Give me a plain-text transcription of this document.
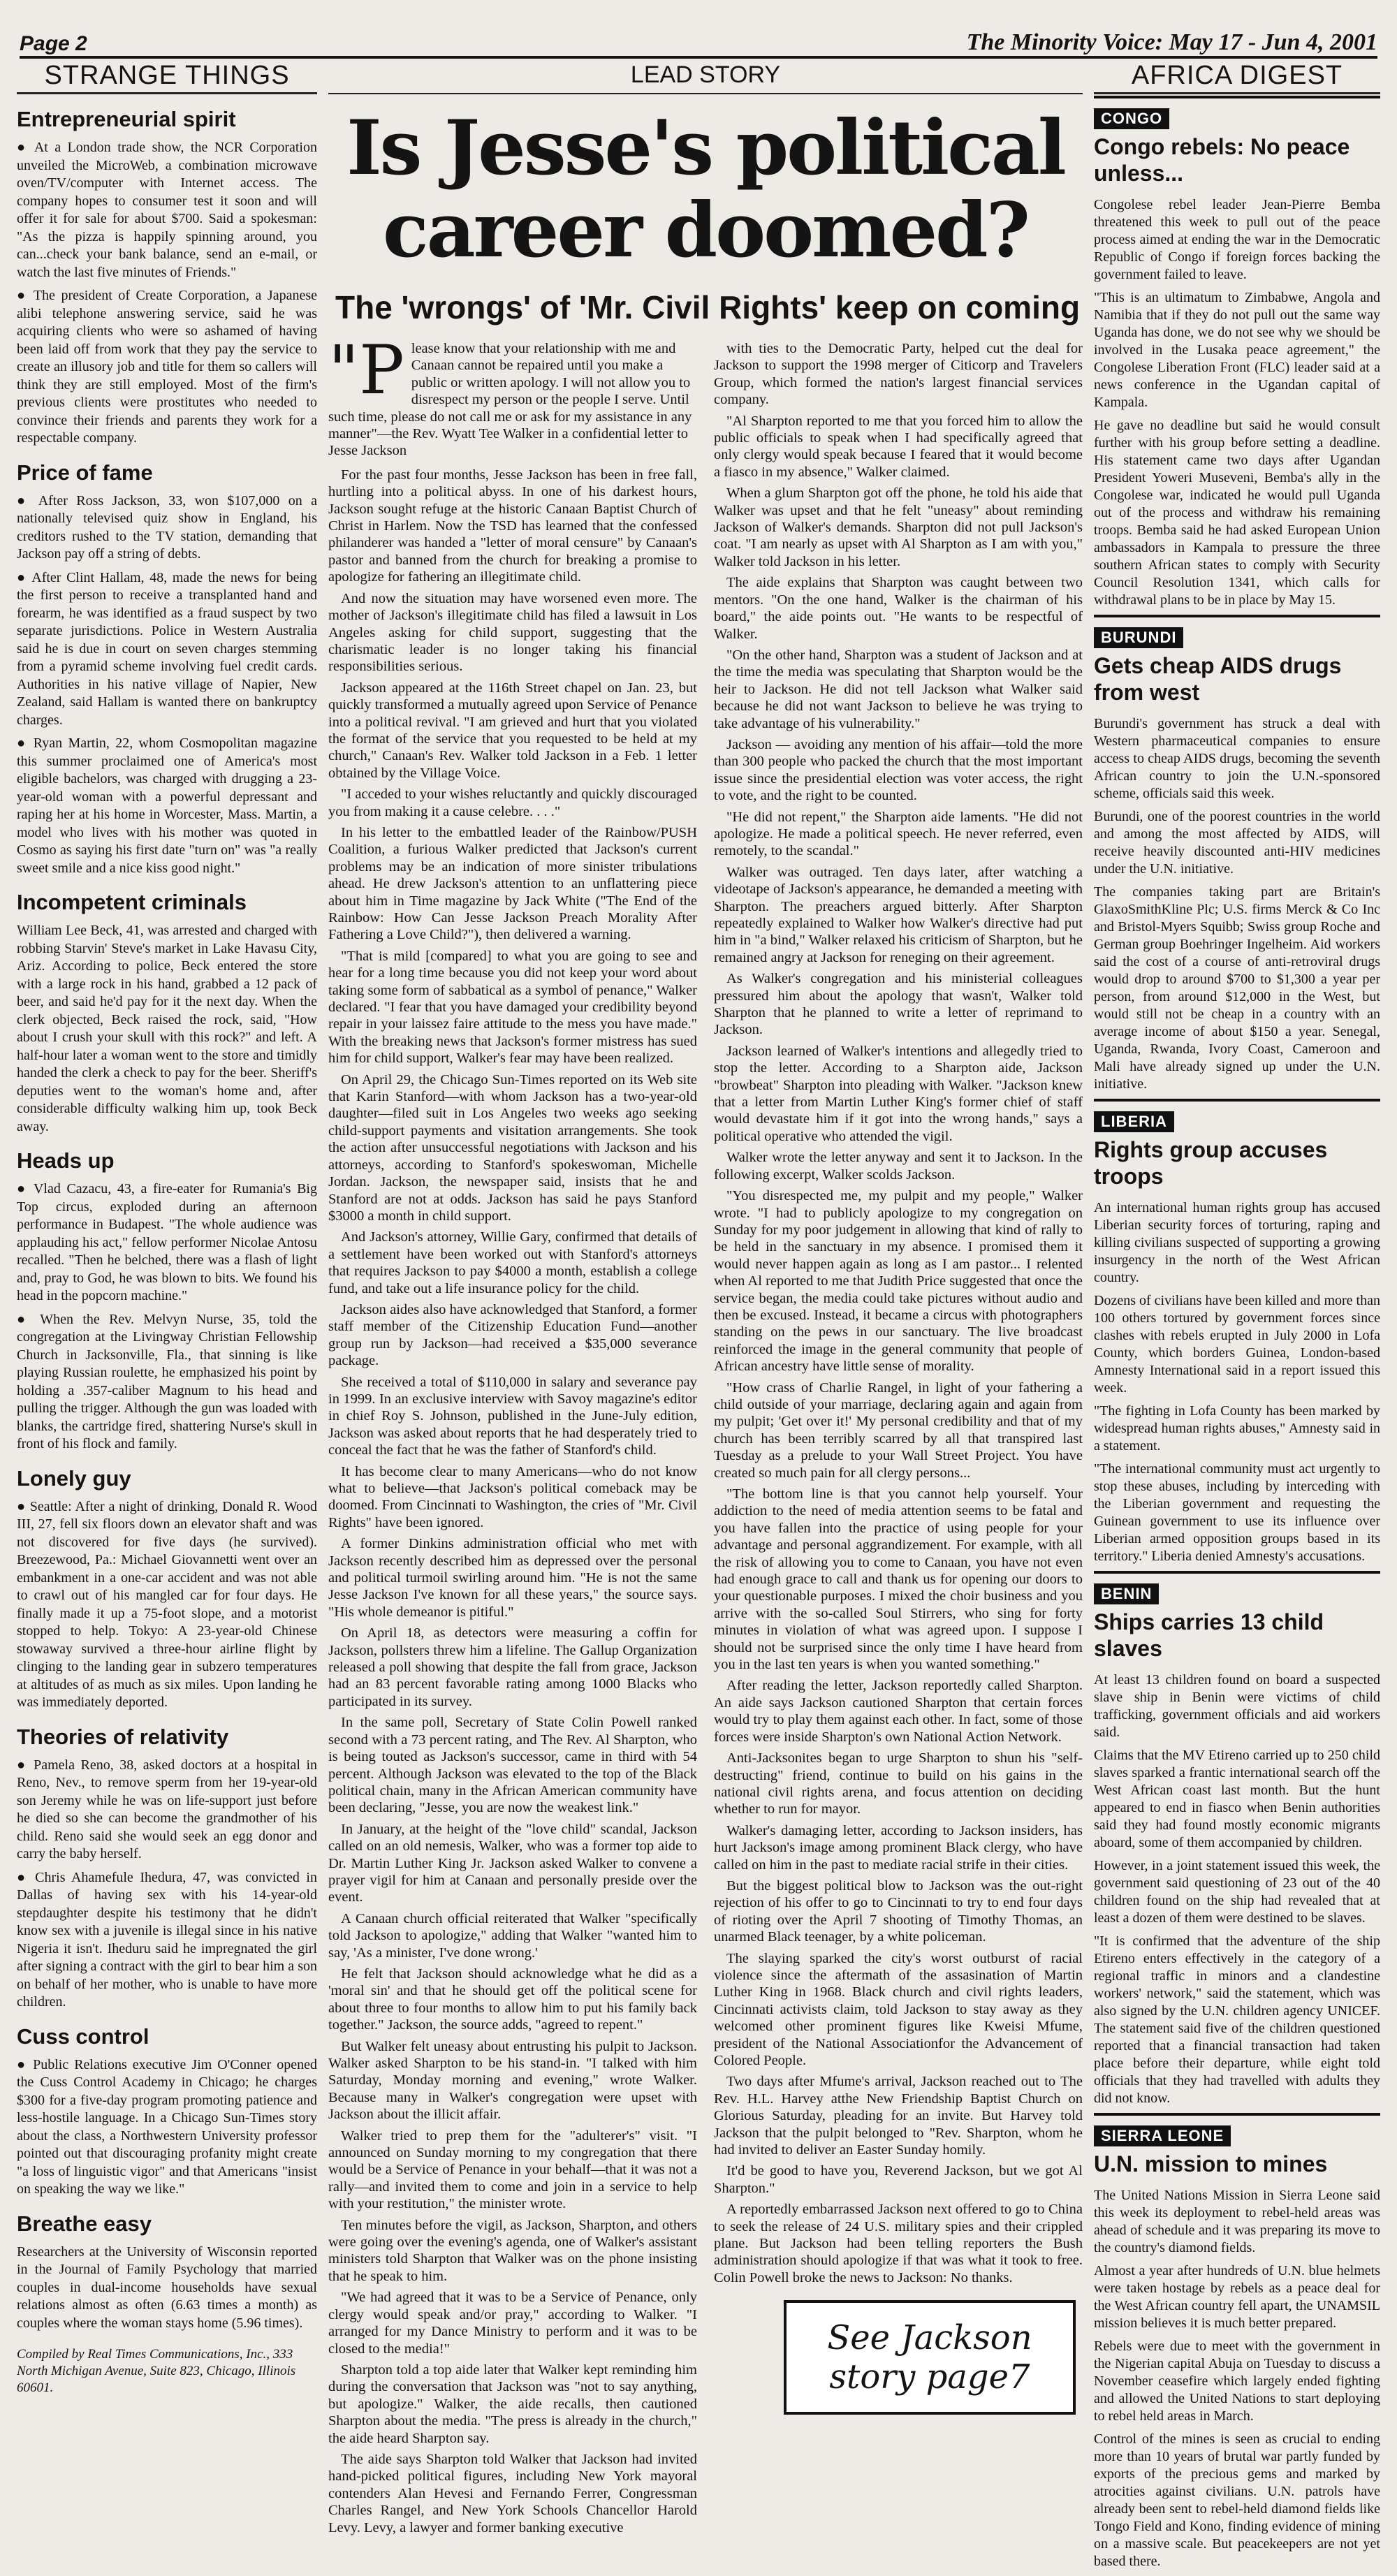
Page 2	The Minority Voice: May 17 - Jun 4, 2001
STRANGE THINGS
Entrepreneurial spirit

● At a London trade show, the NCR Corporation unveiled the MicroWeb, a combination microwave oven/TV/computer with Internet access. The company hopes to consumer test it soon and will offer it for sale for about $700. Said a spokesman: "As the pizza is happily spinning around, you can...check your bank balance, send an e-mail, or watch the last five minutes of Friends."

● The president of Create Corporation, a Japanese alibi telephone answering service, said he was acquiring clients who were so ashamed of having been laid off from work that they pay the service to create an illusory job and title for them so callers will think they are still employed. Most of the firm's previous clients were prostitutes who needed to convince their friends and parents they work for a respectable company.

Price of fame

● After Ross Jackson, 33, won $107,000 on a nationally televised quiz show in England, his creditors rushed to the TV station, demanding that Jackson pay off a string of debts.

● After Clint Hallam, 48, made the news for being the first person to receive a transplanted hand and forearm, he was identified as a fraud suspect by two separate jurisdictions. Police in Western Australia said he is due in court on seven charges stemming from a pyramid scheme involving fuel credit cards. Authorities in his native village of Napier, New Zealand, said Hallam is wanted there on bankruptcy charges.

● Ryan Martin, 22, whom Cosmopolitan magazine this summer proclaimed one of America's most eligible bachelors, was charged with drugging a 23-year-old woman with a powerful depressant and raping her at his home in Worcester, Mass. Martin, a model who lives with his mother was quoted in Cosmo as saying his first date "turn on" was "a really sweet smile and a nice kiss good night."

Incompetent criminals

William Lee Beck, 41, was arrested and charged with robbing Starvin' Steve's market in Lake Havasu City, Ariz. According to police, Beck entered the store with a large rock in his hand, grabbed a 12 pack of beer, and said he'd pay for it the next day. When the clerk objected, Beck raised the rock, said, "How about I crush your skull with this rock?" and left. A half-hour later a woman went to the store and timidly handed the clerk a check to pay for the beer. Sheriff's deputies went to the woman's home and, after considerable difficulty walking him up, took Beck away.

Heads up

● Vlad Cazacu, 43, a fire-eater for Rumania's Big Top circus, exploded during an afternoon performance in Budapest. "The whole audience was applauding his act," fellow performer Nicolae Antosu recalled. "Then he belched, there was a flash of light and, pray to God, he was blown to bits. We found his head in the popcorn machine."

● When the Rev. Melvyn Nurse, 35, told the congregation at the Livingway Christian Fellowship Church in Jacksonville, Fla., that sinning is like playing Russian roulette, he emphasized his point by holding a .357-caliber Magnum to his head and pulling the trigger. Although the gun was loaded with blanks, the cartridge fired, shattering Nurse's skull in front of his flock and family.

Lonely guy

● Seattle: After a night of drinking, Donald R. Wood III, 27, fell six floors down an elevator shaft and was not discovered for five days (he survived). Breezewood, Pa.: Michael Giovannetti went over an embankment in a one-car accident and was not able to crawl out of his mangled car for four days. He finally made it up a 75-foot slope, and a motorist stopped to help. Tokyo: A 23-year-old Chinese stowaway survived a three-hour airline flight by clinging to the landing gear in subzero temperatures at altitudes of as much as six miles. Upon landing he was immediately deported.

Theories of relativity

● Pamela Reno, 38, asked doctors at a hospital in Reno, Nev., to remove sperm from her 19-year-old son Jeremy while he was on life-support just before he died so she can become the grandmother of his child. Reno said she would seek an egg donor and carry the baby herself.

● Chris Ahamefule Ihedura, 47, was convicted in Dallas of having sex with his 14-year-old stepdaughter despite his testimony that he didn't know sex with a juvenile is illegal since in his native Nigeria it isn't. Iheduru said he impregnated the girl after signing a contract with the girl to bear him a son on behalf of her mother, who is unable to have more children.

Cuss control

● Public Relations executive Jim O'Conner opened the Cuss Control Academy in Chicago; he charges $300 for a five-day program promoting patience and less-hostile language. In a Chicago Sun-Times story about the class, a Northwestern University professor pointed out that discouraging profanity might create "a loss of linguistic vigor" and that Americans "insist on speaking the way we like."

Breathe easy

Researchers at the University of Wisconsin reported in the Journal of Family Psychology that married couples in dual-income households have sexual relations almost as often (6.63 times a month) as couples where the woman stays home (5.96 times).

Compiled by Real Times Communications, Inc., 333 North Michigan Avenue, Suite 823, Chicago, Illinois 60601.
LEAD STORY
Is Jesse's political career doomed?
The 'wrongs' of 'Mr. Civil Rights' keep on coming
"P lease know that your relationship with me and Canaan cannot be repaired until you make a public or written apology. I will not allow you to disrespect my person or the people I serve. Until such time, please do not call me or ask for my assistance in any manner"—the Rev. Wyatt Tee Walker in a confidential letter to Jesse Jackson

For the past four months, Jesse Jackson has been in free fall, hurtling into a political abyss. In one of his darkest hours, Jackson sought refuge at the historic Canaan Baptist Church of Christ in Harlem. Now the TSD has learned that the confessed philanderer was handed a "letter of moral censure" by Canaan's pastor and banned from the church for breaking a promise to apologize for fathering an illegitimate child.

And now the situation may have worsened even more. The mother of Jackson's illegitimate child has filed a lawsuit in Los Angeles asking for child support, suggesting that the charismatic leader is no longer taking his financial responsibilities serious.

Jackson appeared at the 116th Street chapel on Jan. 23, but quickly transformed a mutually agreed upon Service of Penance into a political revival. "I am grieved and hurt that you violated the format of the service that you requested to be held at my church," Canaan's Rev. Walker told Jackson in a Feb. 1 letter obtained by the Village Voice.

"I acceded to your wishes reluctantly and quickly discouraged you from making it a cause celebre. . . ."

In his letter to the embattled leader of the Rainbow/PUSH Coalition, a furious Walker predicted that Jackson's current problems may be an indication of more sinister tribulations ahead. He drew Jackson's attention to an unflattering piece about him in Time magazine by Jack White ("The End of the Rainbow: How Can Jesse Jackson Preach Morality After Fathering a Love Child?"), then delivered a warning.

"That is mild [compared] to what you are going to see and hear for a long time because you did not keep your word about taking some form of sabbatical as a symbol of penance," Walker declared. "I fear that you have damaged your credibility beyond repair in your laissez faire attitude to the mess you have made." With the breaking news that Jackson's former mistress has sued him for child support, Walker's fear may have been realized.

On April 29, the Chicago Sun-Times reported on its Web site that Karin Stanford—with whom Jackson has a two-year-old daughter—filed suit in Los Angeles two weeks ago seeking child-support payments and visitation arrangements. She took the action after unsuccessful negotiations with Jackson and his attorneys, according to Stanford's spokeswoman, Michelle Jordan. Jackson, the newspaper said, insists that he and Stanford are not at odds. Jackson has said he pays Stanford $3000 a month in child support.

And Jackson's attorney, Willie Gary, confirmed that details of a settlement have been worked out with Stanford's attorneys that requires Jackson to pay $4000 a month, establish a college fund, and take out a life insurance policy for the child.

Jackson aides also have acknowledged that Stanford, a former staff member of the Citizenship Education Fund—another group run by Jackson—had received a $35,000 severance package.

She received a total of $110,000 in salary and severance pay in 1999. In an exclusive interview with Savoy magazine's editor in chief Roy S. Johnson, published in the June-July edition, Jackson was asked about reports that he had desperately tried to conceal the fact that he was the father of Stanford's child.

It has become clear to many Americans—who do not know what to believe—that Jackson's political comeback may be doomed. From Cincinnati to Washington, the cries of "Mr. Civil Rights" have been ignored.

A former Dinkins administration official who met with Jackson recently described him as depressed over the personal and political turmoil swirling around him. "He is not the same Jesse Jackson I've known for all these years," the source says. "His whole demeanor is pitiful."

On April 18, as detectors were measuring a coffin for Jackson, pollsters threw him a lifeline. The Gallup Organization released a poll showing that despite the fall from grace, Jackson had an 83 percent favorable rating among 1000 Blacks who participated in its survey.

In the same poll, Secretary of State Colin Powell ranked second with a 73 percent rating, and The Rev. Al Sharpton, who is being touted as Jackson's successor, came in third with 54 percent. Although Jackson was elevated to the top of the Black political chain, many in the African American community have been declaring, "Jesse, you are now the weakest link."

In January, at the height of the "love child" scandal, Jackson called on an old nemesis, Walker, who was a former top aide to Dr. Martin Luther King Jr. Jackson asked Walker to convene a prayer vigil for him at Canaan and personally preside over the event.

A Canaan church official reiterated that Walker "specifically told Jackson to apologize," adding that Walker "wanted him to say, 'As a minister, I've done wrong.'

He felt that Jackson should acknowledge what he did as a 'moral sin' and that he should get off the political scene for about three to four months to allow him to put his family back together." Jackson, the source adds, "agreed to repent."

But Walker felt uneasy about entrusting his pulpit to Jackson. Walker asked Sharpton to be his stand-in. "I talked with him Saturday, Monday morning and evening," wrote Walker. Because many in Walker's congregation were upset with Jackson about the illicit affair.

Walker tried to prep them for the "adulterer's" visit. "I announced on Sunday morning to my congregation that there would be a Service of Penance in your behalf—that it was not a rally—and invited them to come and join in a service to help with your restitution," the minister wrote.

Ten minutes before the vigil, as Jackson, Sharpton, and others were going over the evening's agenda, one of Walker's assistant ministers told Sharpton that Walker was on the phone insisting that he speak to him.

"We had agreed that it was to be a Service of Penance, only clergy would speak and/or pray," according to Walker. "I arranged for my Dance Ministry to perform and it was to be closed to the media!"

Sharpton told a top aide later that Walker kept reminding him during the conversation that Jackson was "not to say anything, but apologize." Walker, the aide recalls, then cautioned Sharpton about the media. "The press is already in the church," the aide heard Sharpton say.

The aide says Sharpton told Walker that Jackson had invited hand-picked political figures, including New York mayoral contenders Alan Hevesi and Fernando Ferrer, Congressman Charles Rangel, and New York Schools Chancellor Harold Levy. Levy, a lawyer and former banking executive

with ties to the Democratic Party, helped cut the deal for Jackson to support the 1998 merger of Citicorp and Travelers Group, which formed the nation's largest financial services company.

"Al Sharpton reported to me that you forced him to allow the public officials to speak when I had specifically agreed that only clergy would speak because I feared that it would become a fiasco in my absence," Walker claimed.

When a glum Sharpton got off the phone, he told his aide that Walker was upset and that he felt "uneasy" about reminding Jackson of Walker's demands. Sharpton did not pull Jackson's coat. "I am nearly as upset with Al Sharpton as I am with you," Walker told Jackson in his letter.

The aide explains that Sharpton was caught between two mentors. "On the one hand, Walker is the chairman of his board," the aide points out. "He wants to be respectful of Walker.

"On the other hand, Sharpton was a student of Jackson and at the time the media was speculating that Sharpton would be the heir to Jackson. He did not tell Jackson what Walker said because he did not want Jackson to believe he was trying to take advantage of his vulnerability."

Jackson — avoiding any mention of his affair—told the more than 300 people who packed the church that the most important issue since the presidential election was voter access, the right to vote, and the right to be counted.

"He did not repent," the Sharpton aide laments. "He did not apologize. He made a political speech. He never referred, even remotely, to the scandal."

Walker was outraged. Ten days later, after watching a videotape of Jackson's appearance, he demanded a meeting with Sharpton. The preachers argued bitterly. After Sharpton repeatedly explained to Walker how Walker's directive had put him in "a bind," Walker relaxed his criticism of Sharpton, but he remained angry at Jackson for reneging on their agreement.

As Walker's congregation and his ministerial colleagues pressured him about the apology that wasn't, Walker told Sharpton that he planned to write a letter of reprimand to Jackson.

Jackson learned of Walker's intentions and allegedly tried to stop the letter. According to a Sharpton aide, Jackson "browbeat" Sharpton into pleading with Walker. "Jackson knew that a letter from Martin Luther King's former chief of staff would devastate him if it got into the wrong hands," says a political operative who attended the vigil.

Walker wrote the letter anyway and sent it to Jackson. In the following excerpt, Walker scolds Jackson.

"You disrespected me, my pulpit and my people," Walker wrote. "I had to publicly apologize to my congregation on Sunday for my poor judgement in allowing that kind of rally to be held in the sanctuary in my absence. I promised them it would never happen again as long as I am pastor... I relented when Al reported to me that Judith Price suggested that once the service began, the media could take pictures without audio and then be excused. Instead, it became a circus with photographers standing on the pews in our sanctuary. The live broadcast reinforced the image in the general community that people of African ancestry have little sense of morality.

"How crass of Charlie Rangel, in light of your fathering a child outside of your marriage, declaring again and again from my pulpit; 'Get over it!' My personal credibility and that of my church has been terribly scarred by all that transpired last Tuesday as a prelude to your Wall Street Project. You have created so much pain for all clergy persons...

"The bottom line is that you cannot help yourself. Your addiction to the need of media attention seems to be fatal and you have fallen into the practice of using people for your advantage and personal aggrandizement. For example, with all the risk of allowing you to come to Canaan, you have not even had enough grace to call and thank us for opening our doors to your questionable purposes. I mixed the choir business and you arrive with the so-called Soul Stirrers, who sing for forty minutes in violation of what was agreed upon. I suppose I should not be surprised since the only time I have heard from you in the last ten years is when you wanted something."

After reading the letter, Jackson reportedly called Sharpton. An aide says Jackson cautioned Sharpton that certain forces would try to play them against each other. In fact, some of those forces were inside Sharpton's own National Action Network.

Anti-Jacksonites began to urge Sharpton to shun his "self-destructing" friend, continue to build on his gains in the national civil rights arena, and focus attention on deciding whether to run for mayor.

Walker's damaging letter, according to Jackson insiders, has hurt Jackson's image among prominent Black clergy, who have called on him in the past to mediate racial strife in their cities.

But the biggest political blow to Jackson was the out-right rejection of his offer to go to Cincinnati to try to end four days of rioting over the April 7 shooting of Timothy Thomas, an unarmed Black teenager, by a white policeman.

The slaying sparked the city's worst outburst of racial violence since the aftermath of the assasination of Martin Luther King in 1968. Black church and civil rights leaders, Cincinnati activists claim, told Jackson to stay away as they welcomed other prominent figures like Kweisi Mfume, president of the National Associationfor the Advancement of Colored People.

Two days after Mfume's arrival, Jackson reached out to The Rev. H.L. Harvey atthe New Friendship Baptist Church on Glorious Saturday, pleading for an invite. But Harvey told Jackson that the pulpit belonged to "Rev. Sharpton, whom he had invited to deliver an Easter Sunday homily.

It'd be good to have you, Reverend Jackson, but we got Al Sharpton."

A reportedly embarrassed Jackson next offered to go to China to seek the release of 24 U.S. military spies and their crippled plane. But Jackson had been telling reporters the Bush administration should apologize if that was what it took to free. Colin Powell broke the news to Jackson: No thanks.

See Jackson story page7
AFRICA DIGEST
CONGO
Congo rebels: No peace unless...

Congolese rebel leader Jean-Pierre Bemba threatened this week to pull out of the peace process aimed at ending the war in the Democratic Republic of Congo if foreign forces backing the government failed to leave.

"This is an ultimatum to Zimbabwe, Angola and Namibia that if they do not pull out the same way Uganda has done, we do not see why we should be involved in the Lusaka peace agreement," the Congolese Liberation Front (FLC) leader said at a news conference in the Ugandan capital of Kampala.

He gave no deadline but said he would consult further with his group before setting a deadline. His statement came two days after Ugandan President Yoweri Museveni, Bemba's ally in the Congolese war, indicated he would pull Uganda out of the process and withdraw his remaining troops. Bemba said he had asked European Union ambassadors in Kampala to pressure the three southern African states to comply with Security Council Resolution 1341, which calls for withdrawal plans to be in place by May 15.

BURUNDI
Gets cheap AIDS drugs from west

Burundi's government has struck a deal with Western pharmaceutical companies to ensure access to cheap AIDS drugs, becoming the seventh African country to join the U.N.-sponsored scheme, officials said this week.

Burundi, one of the poorest countries in the world and among the most affected by AIDS, will receive heavily discounted anti-HIV medicines under the U.N. initiative.

The companies taking part are Britain's GlaxoSmithKline Plc; U.S. firms Merck & Co Inc and Bristol-Myers Squibb; Swiss group Roche and German group Boehringer Ingelheim. Aid workers said the cost of a course of anti-retroviral drugs would drop to around $700 to $1,300 a year per person, from around $12,000 in the West, but would still not be cheap in a country with an average income of about $150 a year. Senegal, Uganda, Rwanda, Ivory Coast, Cameroon and Mali have already signed up under the U.N. initiative.

LIBERIA
Rights group accuses troops

An international human rights group has accused Liberian security forces of torturing, raping and killing civilians suspected of supporting a growing insurgency in the north of the West African country.

Dozens of civilians have been killed and more than 100 others tortured by government forces since clashes with rebels erupted in July 2000 in Lofa County, which borders Guinea, London-based Amnesty International said in a report issued this week.

"The fighting in Lofa County has been marked by widespread human rights abuses," Amnesty said in a statement.

"The international community must act urgently to stop these abuses, including by interceding with the Liberian government and requesting the Guinean government to use its influence over Liberian armed opposition groups based in its territory." Liberia denied Amnesty's accusations.

BENIN
Ships carries 13 child slaves

At least 13 children found on board a suspected slave ship in Benin were victims of child trafficking, government officials and aid workers said.

Claims that the MV Etireno carried up to 250 child slaves sparked a frantic international search off the West African coast last month. But the hunt appeared to end in fiasco when Benin authorities said they had found mostly economic migrants aboard, some of them accompanied by children.

However, in a joint statement issued this week, the government said questioning of 23 out of the 40 children found on the ship had revealed that at least a dozen of them were destined to be slaves.

"It is confirmed that the adventure of the ship Etireno enters effectively in the category of a regional traffic in minors and a clandestine workers' network," said the statement, which was also signed by the U.N. children agency UNICEF. The statement said five of the children questioned reported that a financial transaction had taken place before their departure, while eight told officials that they had travelled with adults they did not know.

SIERRA LEONE
U.N. mission to mines

The United Nations Mission in Sierra Leone said this week its deployment to rebel-held areas was ahead of schedule and it was preparing its move to the country's diamond fields.

Almost a year after hundreds of U.N. blue helmets were taken hostage by rebels as a peace deal for the West African country fell apart, the UNAMSIL mission believes it is much better prepared.

Rebels were due to meet with the government in the Nigerian capital Abuja on Tuesday to discuss a November ceasefire which largely ended fighting and allowed the United Nations to start deploying to rebel held areas in March.

Control of the mines is seen as crucial to ending more than 10 years of brutal war partly funded by exports of the precious gems and marked by atrocities against civilians. U.N. patrols have already been sent to rebel-held diamond fields like Tongo Field and Kono, finding evidence of mining on a massive scale. But peacekeepers are not yet based there.
